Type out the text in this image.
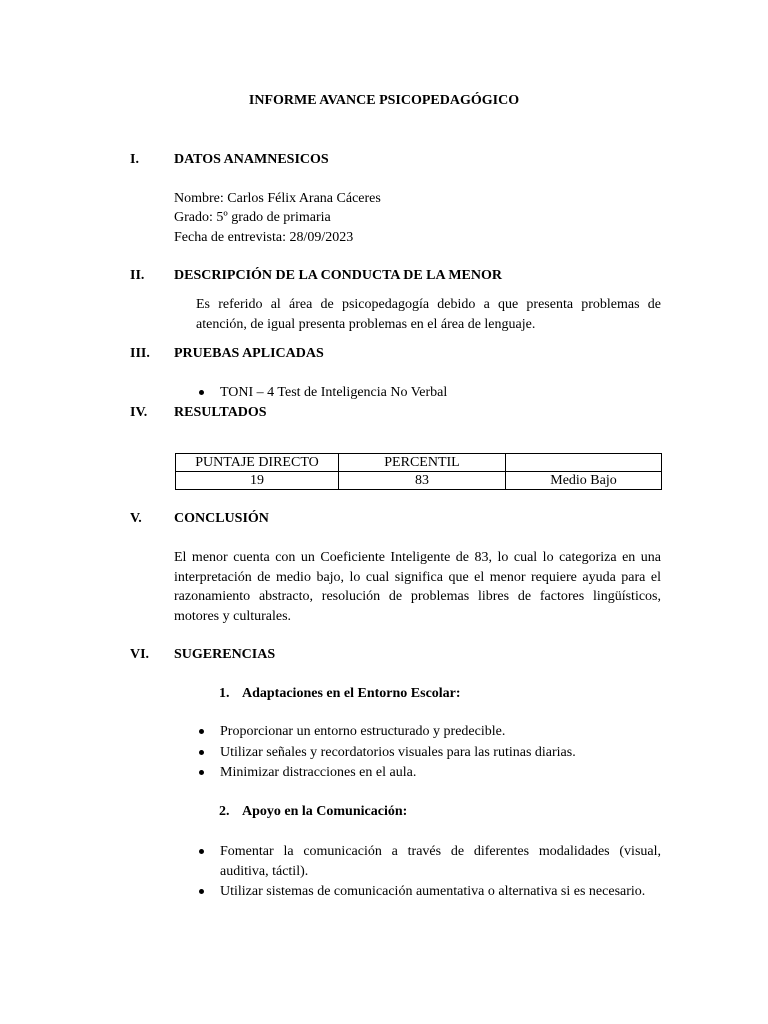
INFORME AVANCE PSICOPEDAGÓGICO
I.	DATOS ANAMNESICOS
Nombre: Carlos Félix Arana Cáceres
Grado: 5º grado de primaria
Fecha de entrevista: 28/09/2023
II. DESCRIPCIÓN DE LA CONDUCTA DE LA MENOR
Es referido al área de psicopedagogía debido a que presenta problemas de atención, de igual presenta problemas en el área de lenguaje.
III. PRUEBAS APLICADAS
TONI – 4 Test de Inteligencia No Verbal
IV. RESULTADOS
PUNTAJE DIRECTO	PERCENTIL	
19	83	Medio Bajo
V. CONCLUSIÓN
El menor cuenta con un Coeficiente Inteligente de 83, lo cual lo categoriza en una interpretación de medio bajo, lo cual significa que el menor requiere ayuda para el razonamiento abstracto, resolución de problemas libres de factores lingüísticos, motores y culturales.
VI. SUGERENCIAS
1. Adaptaciones en el Entorno Escolar:
Proporcionar un entorno estructurado y predecible.
Utilizar señales y recordatorios visuales para las rutinas diarias.
Minimizar distracciones en el aula.
2. Apoyo en la Comunicación:
Fomentar la comunicación a través de diferentes modalidades (visual, auditiva, táctil).
Utilizar sistemas de comunicación aumentativa o alternativa si es necesario.
